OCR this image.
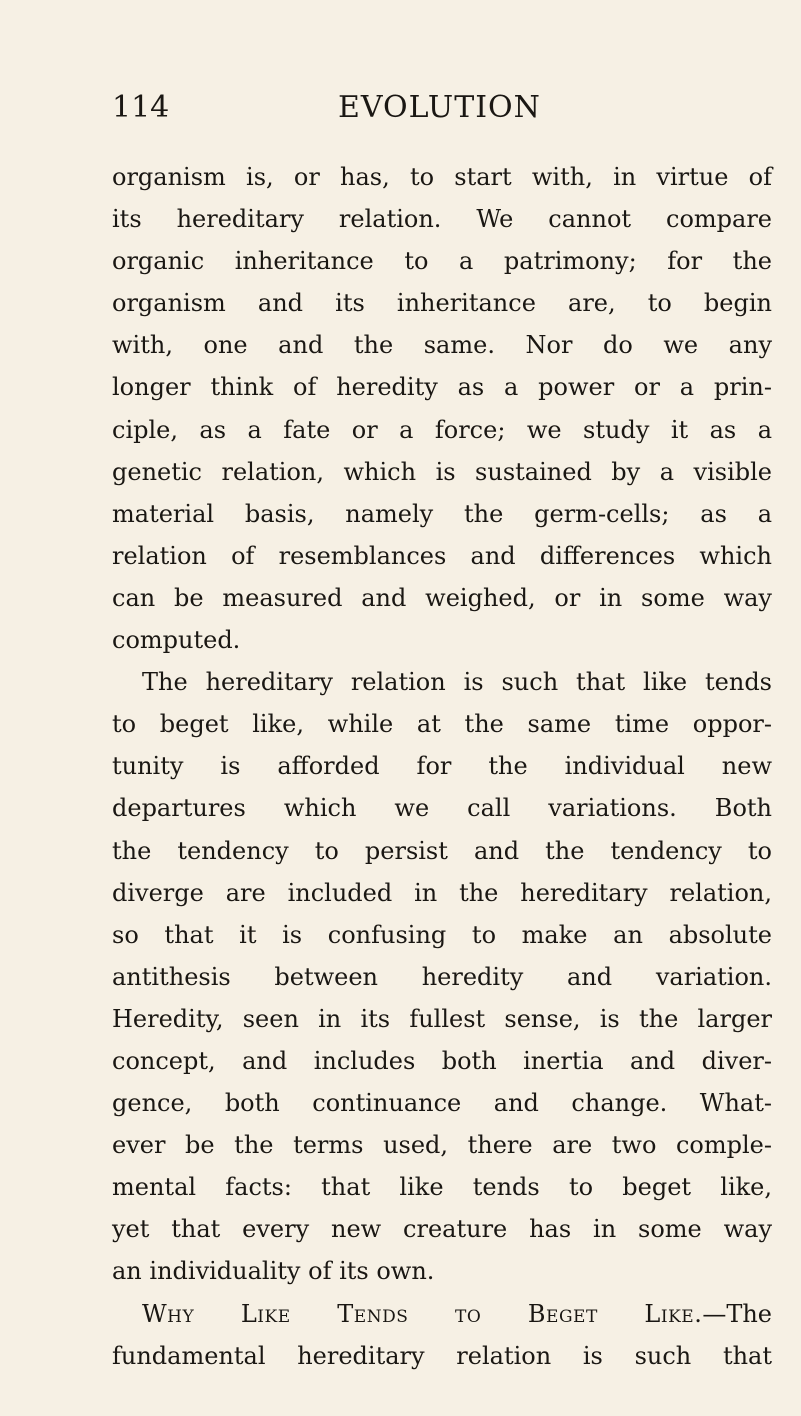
114	EVOLUTION
organism is, or has, to start with, in virtue of
its hereditary relation. We cannot compare
organic inheritance to a patrimony; for the
organism and its inheritance are, to begin
with, one and the same. Nor do we any
longer think of heredity as a power or a prin-
ciple, as a fate or a force; we study it as a
genetic relation, which is sustained by a visible
material basis, namely the germ-cells; as a
relation of resemblances and differences which
can be measured and weighed, or in some way
computed.
The hereditary relation is such that like tends
to beget like, while at the same time oppor-
tunity is afforded for the individual new
departures which we call variations. Both
the tendency to persist and the tendency to
diverge are included in the hereditary relation,
so that it is confusing to make an absolute
antithesis between heredity and variation.
Heredity, seen in its fullest sense, is the larger
concept, and includes both inertia and diver-
gence, both continuance and change. What-
ever be the terms used, there are two comple-
mental facts: that like tends to beget like,
yet that every new creature has in some way
an individuality of its own.
Why Like Tends to Beget Like.—The
fundamental hereditary relation is such that
